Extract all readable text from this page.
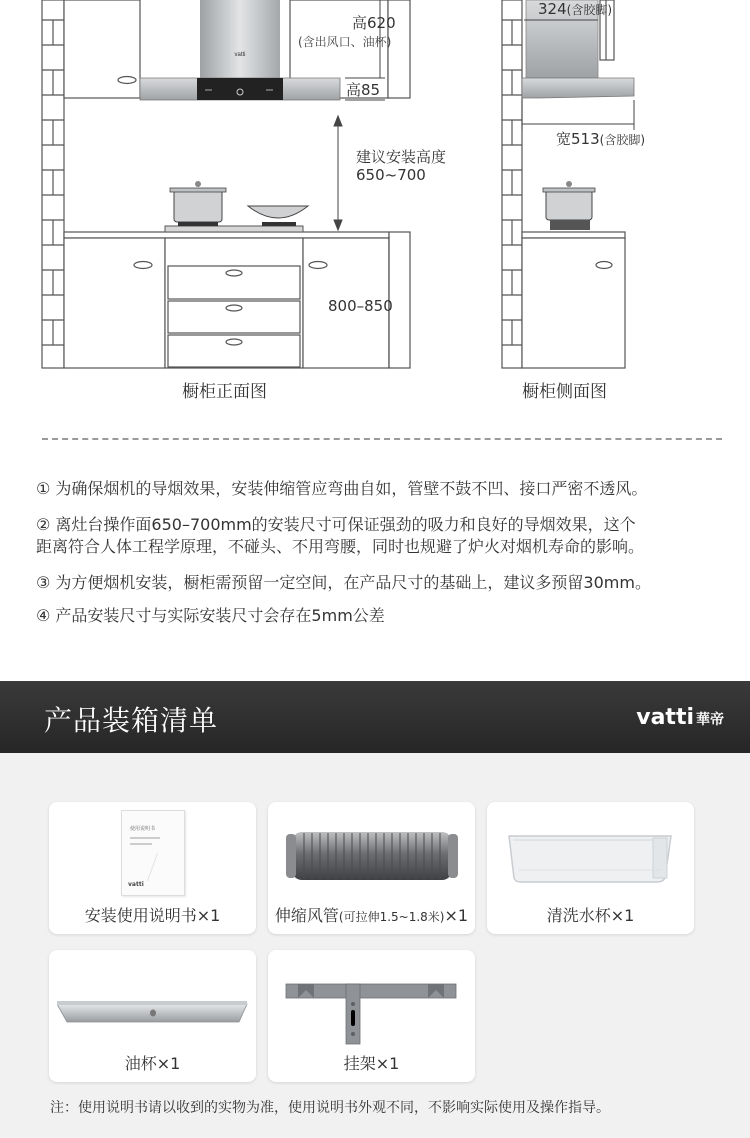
vatti
高620
(含出风口、油杯)
高85
建议安装高度
650~700
800–850
橱柜正面图
324(含胶脚)
宽513(含胶脚)
橱柜侧面图
① 为确保烟机的导烟效果，安装伸缩管应弯曲自如，管壁不鼓不凹、接口严密不透风。
② 离灶台操作面650–700mm的安装尺寸可保证强劲的吸力和良好的导烟效果，这个
距离符合人体工程学原理，不碰头、不用弯腰，同时也规避了炉火对烟机寿命的影响。
③ 为方便烟机安装，橱柜需预留一定空间，在产品尺寸的基础上，建议多预留30mm。
④ 产品安装尺寸与实际安装尺寸会存在5mm公差
产品装箱清单	vatti 華帝
使用说明书
vatti
安装使用说明书×1	伸缩风管(可拉伸1.5~1.8米)×1	清洗水杯×1
油杯×1	挂架×1
注：使用说明书请以收到的实物为准，使用说明书外观不同，不影响实际使用及操作指导。
